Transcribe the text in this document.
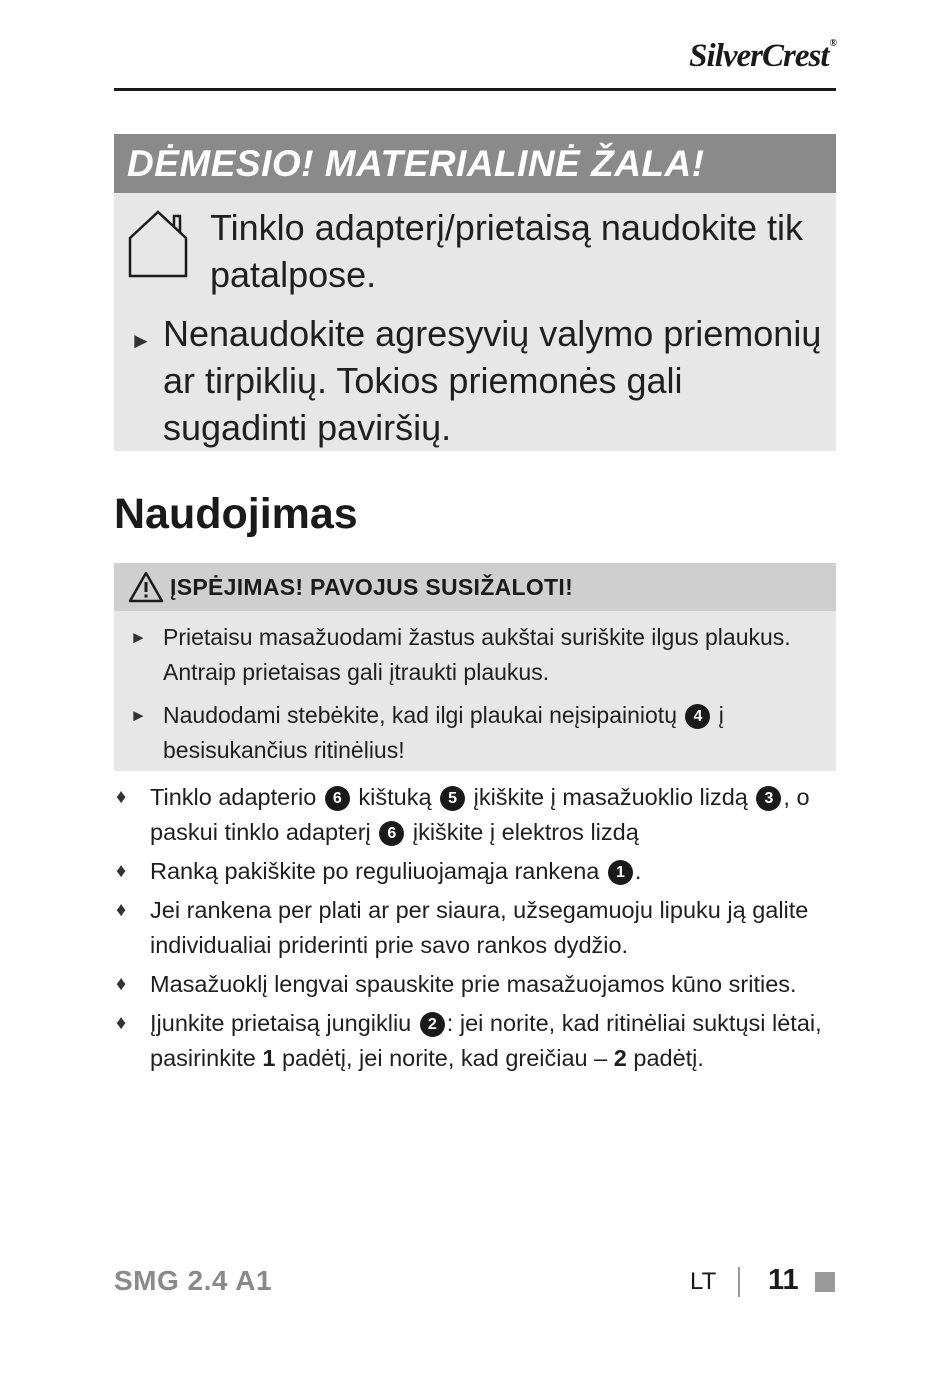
SilverCrest®
DĖMESIO! MATERIALINĖ ŽALA!
Tinklo adapterį/prietaisą naudokite tik patalpose.
► Nenaudokite agresyvių valymo priemonių ar tirpiklių. Tokios priemonės gali sugadinti paviršių.
Naudojimas
ĮSPĖJIMAS! PAVOJUS SUSIŽALOTI!
► Prietaisu masažuodami žastus aukštai suriškite ilgus plaukus. Antraip prietaisas gali įtraukti plaukus.
► Naudodami stebėkite, kad ilgi plaukai neįsipainiotų 4 į besisukančius ritinėlius!
♦ Tinklo adapterio 6 kištuką 5 įkiškite į masažuoklio lizdą 3 , o paskui tinklo adapterį 6 įkiškite į elektros lizdą
♦ Ranką pakiškite po reguliuojamąja rankena 1 .
♦ Jei rankena per plati ar per siaura, užsegamuoju lipuku ją galite individualiai priderinti prie savo rankos dydžio.
♦ Masažuoklį lengvai spauskite prie masažuojamos kūno srities.
♦ Įjunkite prietaisą jungikliu 2 : jei norite, kad ritinėliai suktųsi lėtai, pasirinkite 1 padėtį, jei norite, kad greičiau – 2 padėtį.
SMG 2.4 A1	LT 11
